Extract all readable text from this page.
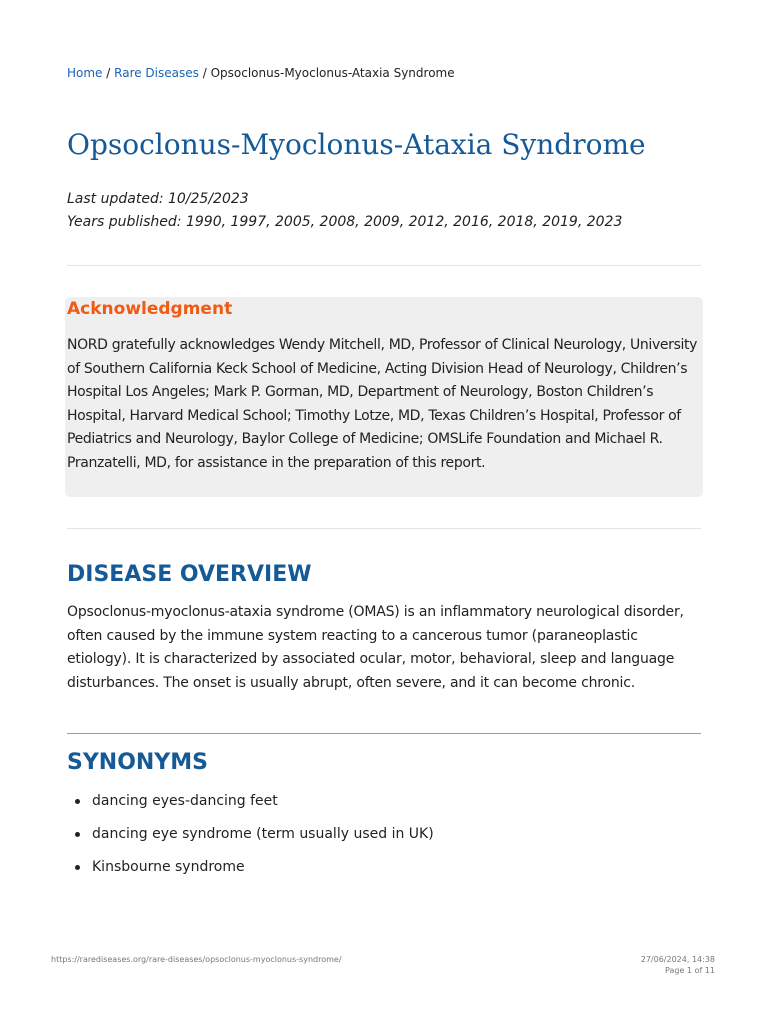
Home / Rare Diseases / Opsoclonus-Myoclonus-Ataxia Syndrome
Opsoclonus-Myoclonus-Ataxia Syndrome
Last updated: 10/25/2023
Years published: 1990, 1997, 2005, 2008, 2009, 2012, 2016, 2018, 2019, 2023
Acknowledgment

NORD gratefully acknowledges Wendy Mitchell, MD, Professor of Clinical Neurology, University of Southern California Keck School of Medicine, Acting Division Head of Neurology, Children’s Hospital Los Angeles; Mark P. Gorman, MD, Department of Neurology, Boston Children’s Hospital, Harvard Medical School; Timothy Lotze, MD, Texas Children’s Hospital, Professor of Pediatrics and Neurology, Baylor College of Medicine; OMSLife Foundation and Michael R. Pranzatelli, MD, for assistance in the preparation of this report.

DISEASE OVERVIEW

Opsoclonus-myoclonus-ataxia syndrome (OMAS) is an inflammatory neurological disorder, often caused by the immune system reacting to a cancerous tumor (paraneoplastic etiology). It is characterized by associated ocular, motor, behavioral, sleep and language disturbances. The onset is usually abrupt, often severe, and it can become chronic.

SYNONYMS
dancing eyes-dancing feet
dancing eye syndrome (term usually used in UK)
Kinsbourne syndrome
https://rarediseases.org/rare-diseases/opsoclonus-myoclonus-syndrome/	27/06/2024, 14:38
Page 1 of 11
